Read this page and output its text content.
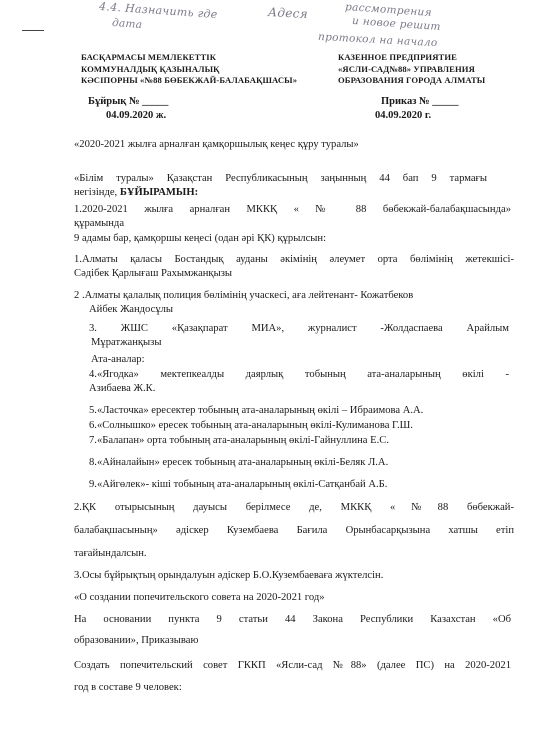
4.4. Назначить где
дата
Адеся	рассмотрения
и новое решит
протокол на начало
БАСҚАРМАСЫ МЕМЛЕКЕТТІК
КОММУНАЛДЫҚ ҚАЗЫНАЛЫҚ
КӘСІПОРНЫ «№88 БӨБЕКЖАЙ-БАЛАБАҚШАСЫ»
КАЗЕННОЕ ПРЕДПРИЯТИЕ
«ЯСЛИ-САД№88» УПРАВЛЕНИЯ
ОБРАЗОВАНИЯ ГОРОДА АЛМАТЫ
Бұйрық № _____
04.09.2020 ж.
Приказ № _____
04.09.2020 г.
«2020-2021 жылға арналған қамқоршылық кеңес құру туралы»
«Білім туралы» Қазақстан Республикасының заңынның 44 бап 9 тармағы
негізінде, БҰЙЫРАМЫН:
1.2020-2021 жылға арналған МККҚ « № 88 бөбекжай-балабақшасында»
құрамында
9 адамы бар, қамқоршы кеңесі (одан әрі ҚК) құрылсын:
1.Алматы қаласы Бостандық ауданы әкімінің әлеумет орта бөлімінің жетекшісі-
Сәдібек Қарлығаш Рахымжанқызы
2 .Алматы қалалық полиция бөлімінің учаскесі, аға лейтенант- Кожатбеков
Айбек Жандосұлы
3. ЖШС «Қазақпарат МИА», журналист -Жолдаспаева Арайлым
Мұратжанқызы
Ата-аналар:
4.«Ягодка» мектепкеалды даярлық тобының ата-аналарының өкілі -
Азибаева Ж.К.
5.«Ласточка» ересектер тобының ата-аналарының өкілі – Ибраимова А.А.
6.«Солнышко» ересек тобының ата-аналарының өкілі-Кулиманова Г.Ш.
7.«Балапан» орта тобының ата-аналарының өкілі-Гайнуллина Е.С.
8.«Айналайын» ересек тобының ата-аналарының өкілі-Беляк Л.А.
9.«Айгөлек»- кіші тобының ата-аналарының өкілі-Сатқанбай А.Б.
2.ҚК отырысының дауысы берілмесе де, МККҚ «№88 бөбекжай-
балабақшасының» әдіскер Кузембаева Бағила Орынбасарқызына хатшы етіп
тағайындалсын.
3.Осы бұйрықтың орындалуын әдіскер Б.О.Кузембаеваға жүктелсін.
«О создании попечительского совета на 2020-2021 год»
На основании пункта 9 статьи 44 Закона Республики Казахстан «Об
образовании», Приказываю
Создать попечительский совет ГККП «Ясли-сад №88» (далее ПС) на 2020-2021
год в составе 9 человек:
